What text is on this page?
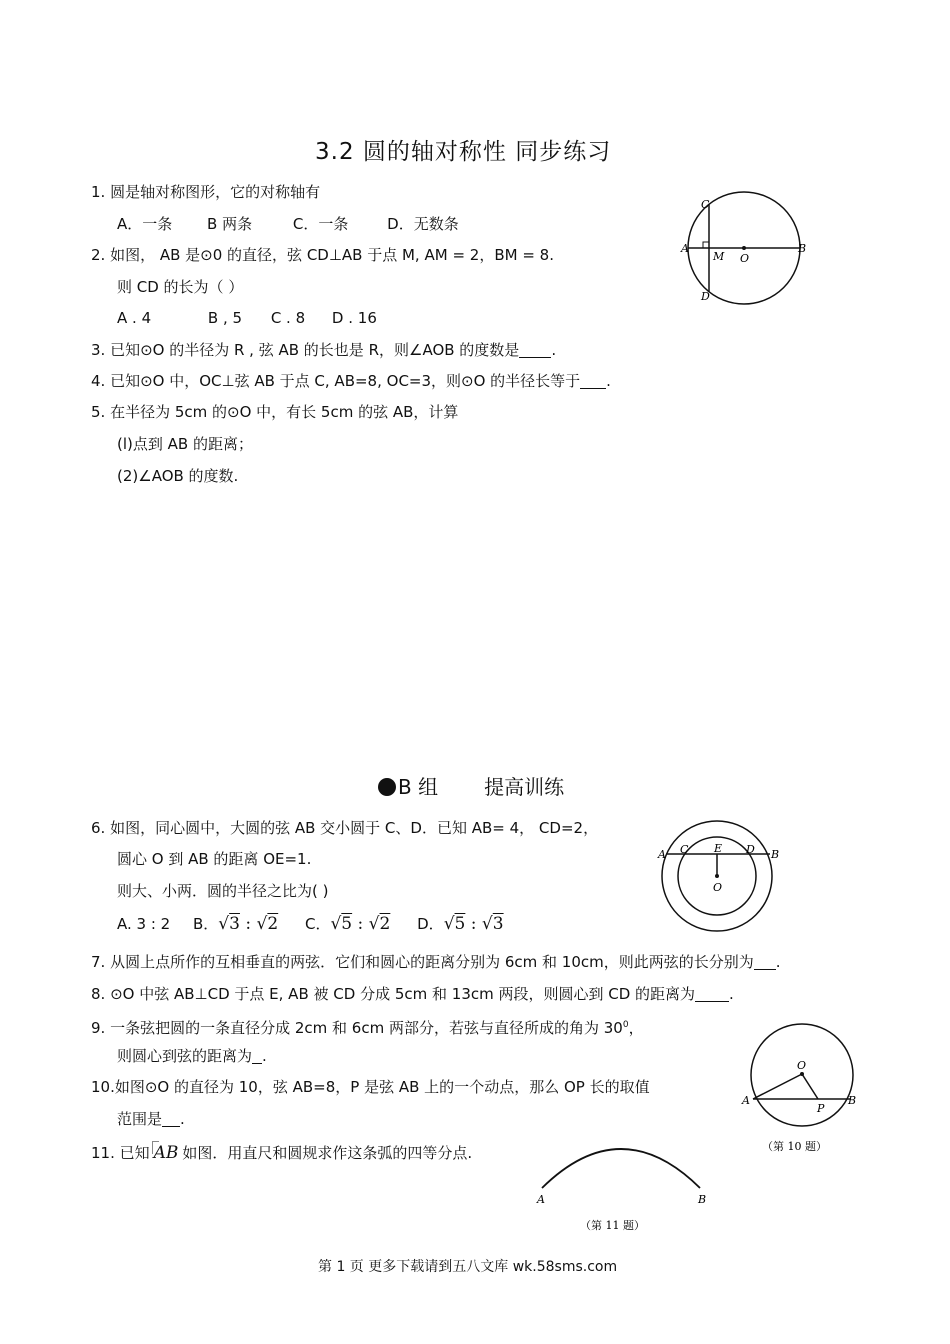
3.2 圆的轴对称性 同步练习
1. 圆是轴对称图形，它的对称轴有
A．一条 B 两条	C．一条	D．无数条
2. 如图， AB 是⊙0 的直径，弦 CD⊥AB 于点 M, AM = 2，BM = 8.
则 CD 的长为（ ）
A . 4	B , 5 C . 8 D . 16
3. 已知⊙O 的半径为 R , 弦 AB 的长也是 R，则∠AOB 的度数是 .
4. 已知⊙O 中，OC⊥弦 AB 于点 C, AB=8, OC=3，则⊙O 的半径长等于 .
5. 在半径为 5cm 的⊙O 中，有长 5cm 的弦 AB，计算
(l)点到 AB 的距离；
(2)∠AOB 的度数.
C
A
M O
B
D
B 组 提高训练
6. 如图，同心圆中，大圆的弦 AB 交小圆于 C、D．已知 AB= 4， CD=2，
圆心 O 到 AB 的距离 OE=1.
则大、小两．圆的半径之比为( )
A. 3 : 2 B．√3 : √2 C．√5 : √2 D．√5 : √3
A C E D B
O
7. 从圆上点所作的互相垂直的两弦．它们和圆心的距离分别为 6cm 和 10cm，则此两弦的长分别为 .
8. ⊙O 中弦 AB⊥CD 于点 E, AB 被 CD 分成 5cm 和 13cm 两段，则圆心到 CD 的距离为 .
9. 一条弦把圆的一条直径分成 2cm 和 6cm 两部分，若弦与直径所成的角为 $30^0$，
则圆心到弦的距离为 .
10.如图⊙O 的直径为 10，弦 AB=8，P 是弦 AB 上的一个动点，那么 OP 长的取值
范围是 .
O
A
P
B
（第 10 题）
11. 已知 AB 如图．用直尺和圆规求作这条弧的四等分点.
A	B
（第 11 题）
第 1 页 更多下载请到五八文库 wk.58sms.com
